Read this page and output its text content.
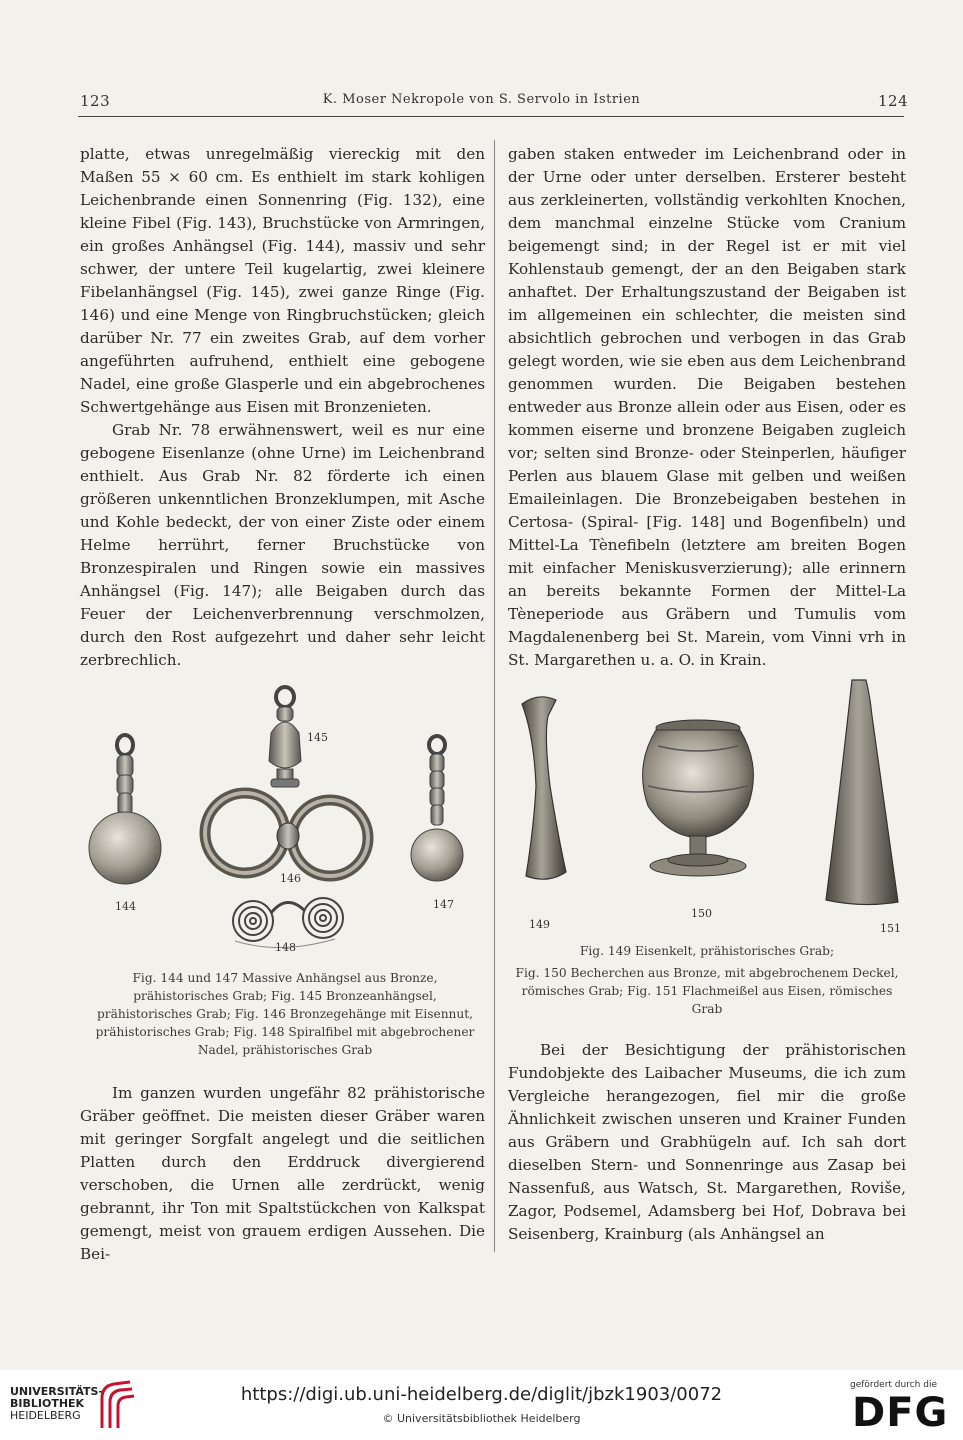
123	K. Moser Nekropole von S. Servolo in Istrien	124

platte, etwas unregelmäßig viereckig mit den Maßen 55 × 60 cm. Es enthielt im stark kohligen Leichenbrande einen Sonnenring (Fig. 132), eine kleine Fibel (Fig. 143), Bruchstücke von Armringen, ein großes Anhängsel (Fig. 144), massiv und sehr schwer, der untere Teil kugelartig, zwei kleinere Fibelanhängsel (Fig. 145), zwei ganze Ringe (Fig. 146) und eine Menge von Ringbruchstücken; gleich darüber Nr. 77 ein zweites Grab, auf dem vorher angeführten aufruhend, enthielt eine gebogene Nadel, eine große Glasperle und ein abgebrochenes Schwertgehänge aus Eisen mit Bronzenieten.

Grab Nr. 78 erwähnenswert, weil es nur eine gebogene Eisenlanze (ohne Urne) im Leichenbrand enthielt. Aus Grab Nr. 82 förderte ich einen größeren unkenntlichen Bronzeklumpen, mit Asche und Kohle bedeckt, der von einer Ziste oder einem Helme herrührt, ferner Bruchstücke von Bronzespiralen und Ringen sowie ein massives Anhängsel (Fig. 147); alle Beigaben durch das Feuer der Leichenverbrennung verschmolzen, durch den Rost aufgezehrt und daher sehr leicht zerbrechlich.

145
146
144	147
148
Fig. 144 und 147 Massive Anhängsel aus Bronze, prähistorisches Grab; Fig. 145 Bronzeanhängsel, prähistorisches Grab; Fig. 146 Bronzegehänge mit Eisennut, prähistorisches Grab; Fig. 148 Spiralfibel mit abgebrochener Nadel, prähistorisches Grab

Im ganzen wurden ungefähr 82 prähistorische Gräber geöffnet. Die meisten dieser Gräber waren mit geringer Sorgfalt angelegt und die seitlichen Platten durch den Erddruck divergierend verschoben, die Urnen alle zerdrückt, wenig gebrannt, ihr Ton mit Spaltstückchen von Kalkspat gemengt, meist von grauem erdigen Aussehen. Die Bei-

gaben staken entweder im Leichenbrand oder in der Urne oder unter derselben. Ersterer besteht aus zerkleinerten, vollständig verkohlten Knochen, dem manchmal einzelne Stücke vom Cranium beigemengt sind; in der Regel ist er mit viel Kohlenstaub gemengt, der an den Beigaben stark anhaftet. Der Erhaltungszustand der Beigaben ist im allgemeinen ein schlechter, die meisten sind absichtlich gebrochen und verbogen in das Grab gelegt worden, wie sie eben aus dem Leichenbrand genommen wurden. Die Beigaben bestehen entweder aus Bronze allein oder aus Eisen, oder es kommen eiserne und bronzene Beigaben zugleich vor; selten sind Bronze- oder Steinperlen, häufiger Perlen aus blauem Glase mit gelben und weißen Emaileinlagen. Die Bronzebeigaben bestehen in Certosa- (Spiral- [Fig. 148] und Bogenfibeln) und Mittel-La Tènefibeln (letztere am breiten Bogen mit einfacher Meniskusverzierung); alle erinnern an bereits bekannte Formen der Mittel-La Tèneperiode aus Gräbern und Tumulis vom Magdalenenberg bei St. Marein, vom Vinni vrh in St. Margarethen u. a. O. in Krain.

149
150
151
Fig. 149 Eisenkelt, prähistorisches Grab;
Fig. 150 Becherchen aus Bronze, mit abgebrochenem Deckel, römisches Grab; Fig. 151 Flachmeißel aus Eisen, römisches Grab

Bei der Besichtigung der prähistorischen Fundobjekte des Laibacher Museums, die ich zum Vergleiche herangezogen, fiel mir die große Ähnlichkeit zwischen unseren und Krainer Funden aus Gräbern und Grabhügeln auf. Ich sah dort dieselben Stern- und Sonnenringe aus Zasap bei Nassenfuß, aus Watsch, St. Margarethen, Roviše, Zagor, Podsemel, Adamsberg bei Hof, Dobrava bei Seisenberg, Krainburg (als Anhängsel an

UNIVERSITÄTS-
BIBLIOTHEK
HEIDELBERG
https://digi.ub.uni-heidelberg.de/diglit/jbzk1903/0072
© Universitätsbibliothek Heidelberg
gefördert durch die
DFG
